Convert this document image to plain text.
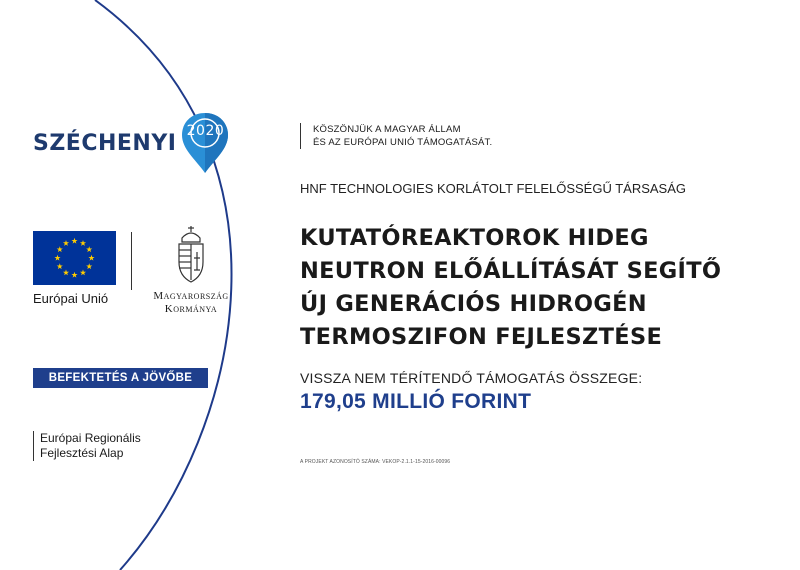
SZÉCHENYI 2020
Európai Unió	Magyarország
Kormánya
BEFEKTETÉS A JÖVŐBE
Európai Regionális
Fejlesztési Alap
KÖSZÖNJÜK A MAGYAR ÁLLAM
ÉS AZ EURÓPAI UNIÓ TÁMOGATÁSÁT.
HNF TECHNOLOGIES KORLÁTOLT FELELŐSSÉGŰ TÁRSASÁG
KUTATÓREAKTOROK HIDEG
NEUTRON ELŐÁLLÍTÁSÁT SEGÍTŐ
ÚJ GENERÁCIÓS HIDROGÉN
TERMOSZIFON FEJLESZTÉSE
VISSZA NEM TÉRÍTENDŐ TÁMOGATÁS ÖSSZEGE:
179,05 MILLIÓ FORINT
A PROJEKT AZONOSÍTÓ SZÁMA: VEKOP-2.1.1-15-2016-00096
